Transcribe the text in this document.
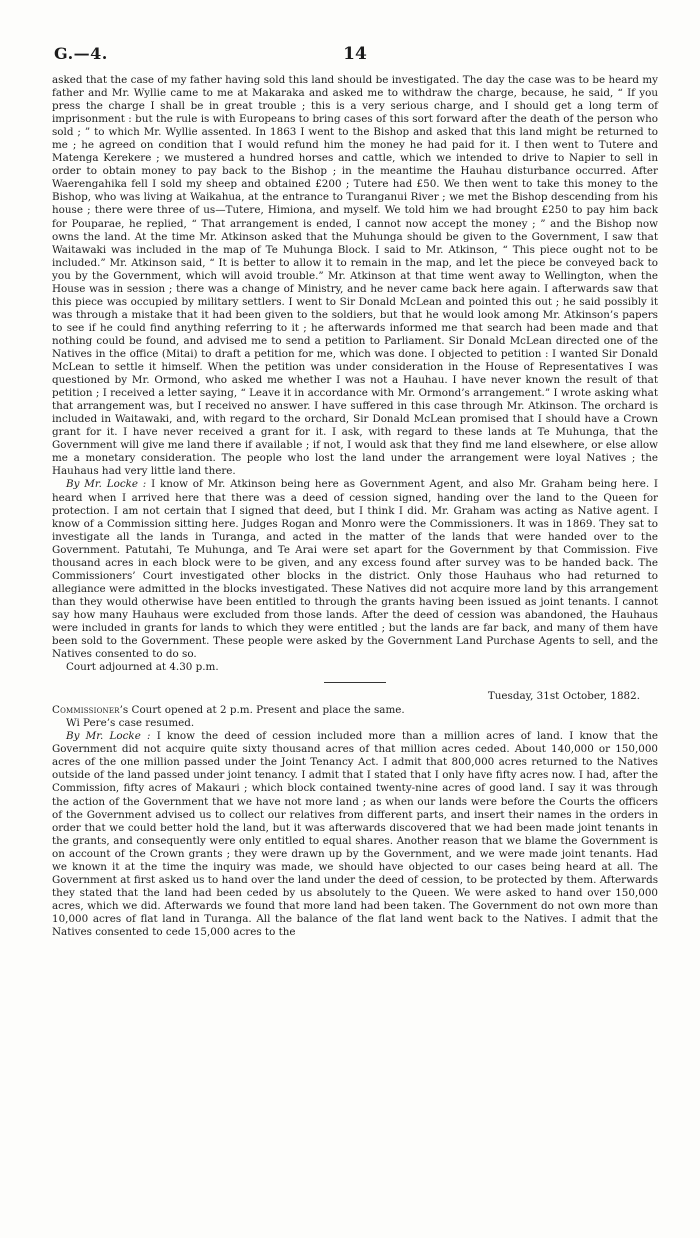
G.—4.	14

asked that the case of my father having sold this land should be investigated. The day the case was to be heard my father and Mr. Wyllie came to me at Makaraka and asked me to withdraw the charge, because, he said, “ If you press the charge I shall be in great trouble ; this is a very serious charge, and I should get a long term of imprisonment : but the rule is with Europeans to bring cases of this sort forward after the death of the person who sold ; ” to which Mr. Wyllie assented. In 1863 I went to the Bishop and asked that this land might be returned to me ; he agreed on condition that I would refund him the money he had paid for it. I then went to Tutere and Matenga Kerekere ; we mustered a hundred horses and cattle, which we intended to drive to Napier to sell in order to obtain money to pay back to the Bishop ; in the meantime the Hauhau disturbance occurred. After Waerengahika fell I sold my sheep and obtained £200 ; Tutere had £50. We then went to take this money to the Bishop, who was living at Waikahua, at the entrance to Turanganui River ; we met the Bishop descending from his house ; there were three of us—Tutere, Himiona, and myself. We told him we had brought £250 to pay him back for Pouparae, he replied, “ That arrangement is ended, I cannot now accept the money ; ” and the Bishop now owns the land. At the time Mr. Atkinson asked that the Muhunga should be given to the Government, I saw that Waitawaki was included in the map of Te Muhunga Block. I said to Mr. Atkinson, “ This piece ought not to be included.” Mr. Atkinson said, “ It is better to allow it to remain in the map, and let the piece be conveyed back to you by the Government, which will avoid trouble.” Mr. Atkinson at that time went away to Wellington, when the House was in session ; there was a change of Ministry, and he never came back here again. I afterwards saw that this piece was occupied by military settlers. I went to Sir Donald McLean and pointed this out ; he said possibly it was through a mistake that it had been given to the soldiers, but that he would look among Mr. Atkinson’s papers to see if he could find anything referring to it ; he afterwards informed me that search had been made and that nothing could be found, and advised me to send a petition to Parliament. Sir Donald McLean directed one of the Natives in the office (Mitai) to draft a petition for me, which was done. I objected to petition : I wanted Sir Donald McLean to settle it himself. When the petition was under consideration in the House of Representatives I was questioned by Mr. Ormond, who asked me whether I was not a Hauhau. I have never known the result of that petition ; I received a letter saying, “ Leave it in accordance with Mr. Ormond’s arrangement.” I wrote asking what that arrangement was, but I received no answer. I have suffered in this case through Mr. Atkinson. The orchard is included in Waitawaki, and, with regard to the orchard, Sir Donald McLean promised that I should have a Crown grant for it. I have never received a grant for it. I ask, with regard to these lands at Te Muhunga, that the Government will give me land there if available ; if not, I would ask that they find me land elsewhere, or else allow me a monetary consideration. The people who lost the land under the arrangement were loyal Natives ; the Hauhaus had very little land there.

By Mr. Locke : I know of Mr. Atkinson being here as Government Agent, and also Mr. Graham being here. I heard when I arrived here that there was a deed of cession signed, handing over the land to the Queen for protection. I am not certain that I signed that deed, but I think I did. Mr. Graham was acting as Native agent. I know of a Commission sitting here. Judges Rogan and Monro were the Commissioners. It was in 1869. They sat to investigate all the lands in Turanga, and acted in the matter of the lands that were handed over to the Government. Patutahi, Te Muhunga, and Te Arai were set apart for the Government by that Commission. Five thousand acres in each block were to be given, and any excess found after survey was to be handed back. The Commissioners’ Court investigated other blocks in the district. Only those Hauhaus who had returned to allegiance were admitted in the blocks investigated. These Natives did not acquire more land by this arrangement than they would otherwise have been entitled to through the grants having been issued as joint tenants. I cannot say how many Hauhaus were excluded from those lands. After the deed of cession was abandoned, the Hauhaus were included in grants for lands to which they were entitled ; but the lands are far back, and many of them have been sold to the Government. These people were asked by the Government Land Purchase Agents to sell, and the Natives consented to do so.

Court adjourned at 4.30 p.m.

Tuesday, 31st October, 1882.

Commissioner’s Court opened at 2 p.m. Present and place the same.

Wi Pere’s case resumed.

By Mr. Locke : I know the deed of cession included more than a million acres of land. I know that the Government did not acquire quite sixty thousand acres of that million acres ceded. About 140,000 or 150,000 acres of the one million passed under the Joint Tenancy Act. I admit that 800,000 acres returned to the Natives outside of the land passed under joint tenancy. I admit that I stated that I only have fifty acres now. I had, after the Commission, fifty acres of Makauri ; which block contained twenty-nine acres of good land. I say it was through the action of the Government that we have not more land ; as when our lands were before the Courts the officers of the Government advised us to collect our relatives from different parts, and insert their names in the orders in order that we could better hold the land, but it was afterwards discovered that we had been made joint tenants in the grants, and consequently were only entitled to equal shares. Another reason that we blame the Government is on account of the Crown grants ; they were drawn up by the Government, and we were made joint tenants. Had we known it at the time the inquiry was made, we should have objected to our cases being heard at all. The Government at first asked us to hand over the land under the deed of cession, to be protected by them. Afterwards they stated that the land had been ceded by us absolutely to the Queen. We were asked to hand over 150,000 acres, which we did. Afterwards we found that more land had been taken. The Government do not own more than 10,000 acres of flat land in Turanga. All the balance of the flat land went back to the Natives. I admit that the Natives consented to cede 15,000 acres to the
